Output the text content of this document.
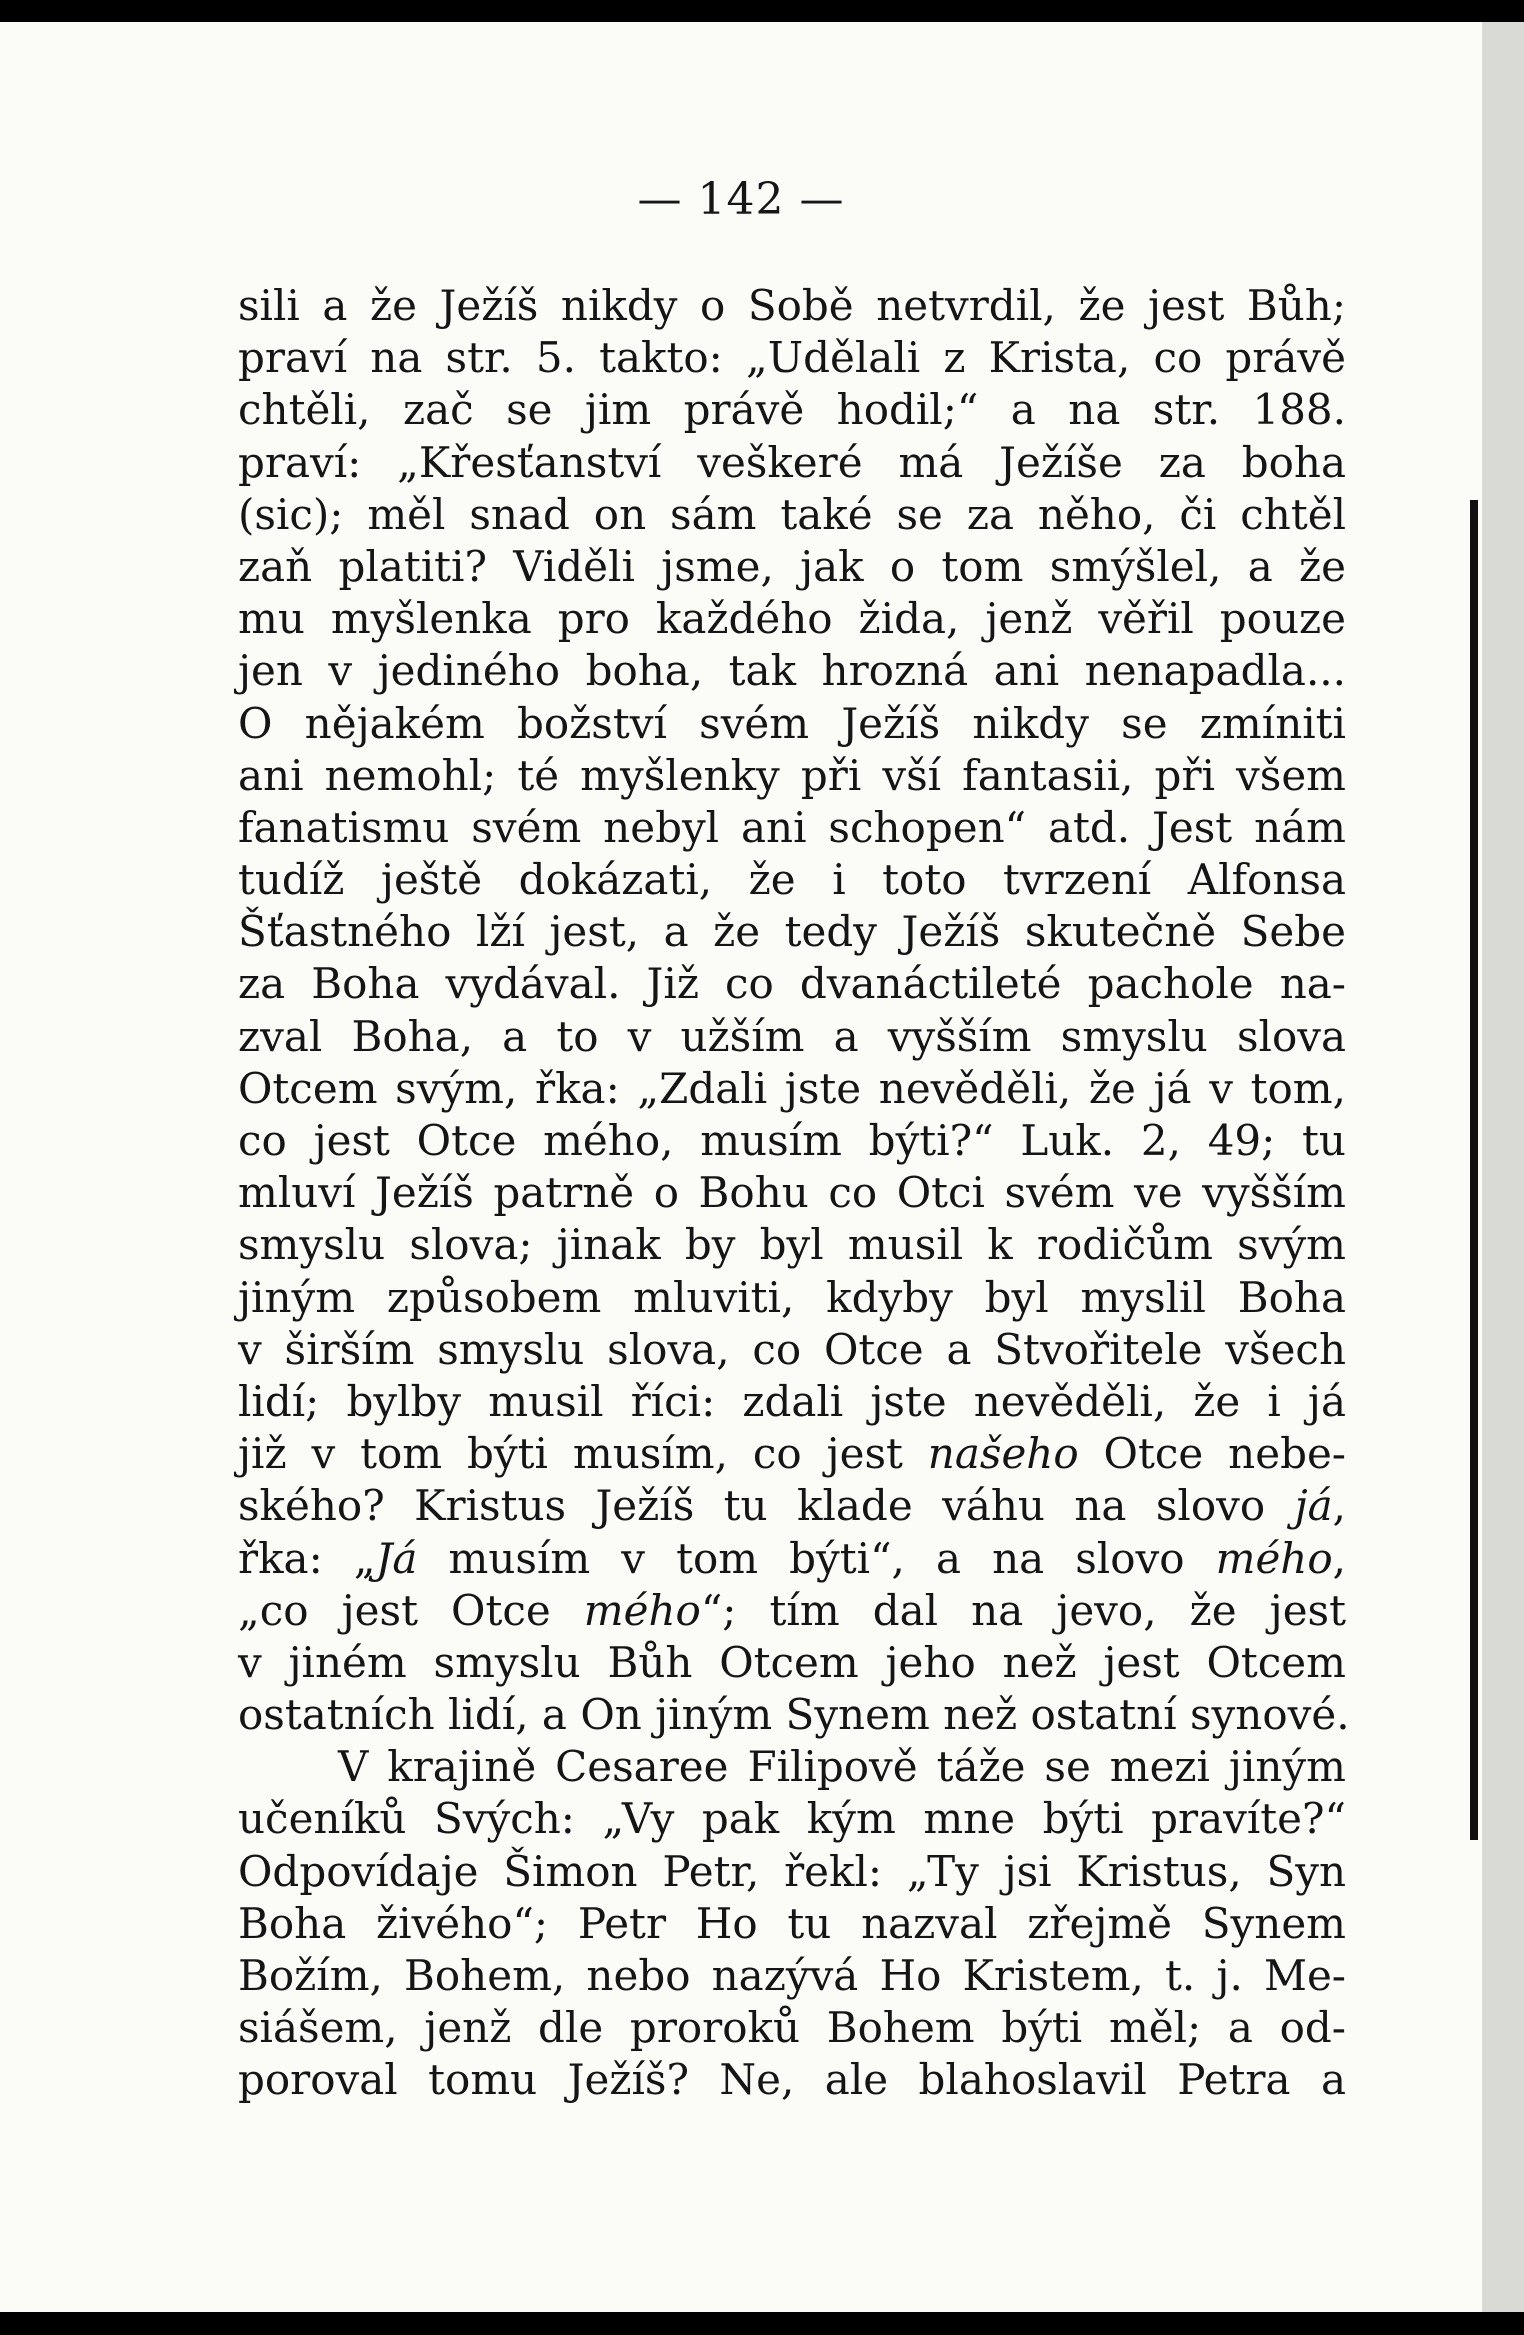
— 142 —
sili a že Ježíš nikdy o Sobě netvrdil, že jest Bůh;
praví na str. 5. takto: „Udělali z Krista, co právě
chtěli, zač se jim právě hodil;“ a na str. 188.
praví: „Křesťanství veškeré má Ježíše za boha
(sic); měl snad on sám také se za něho, či chtěl
zaň platiti? Viděli jsme, jak o tom smýšlel, a že
mu myšlenka pro každého žida, jenž věřil pouze
jen v jediného boha, tak hrozná ani nenapadla...
O nějakém božství svém Ježíš nikdy se zmíniti
ani nemohl; té myšlenky při vší fantasii, při všem
fanatismu svém nebyl ani schopen“ atd. Jest nám
tudíž ještě dokázati, že i toto tvrzení Alfonsa
Šťastného lží jest, a že tedy Ježíš skutečně Sebe
za Boha vydával. Již co dvanáctileté pachole na-
zval Boha, a to v užším a vyšším smyslu slova
Otcem svým, řka: „Zdali jste nevěděli, že já v tom,
co jest Otce mého, musím býti?“ Luk. 2, 49; tu
mluví Ježíš patrně o Bohu co Otci svém ve vyšším
smyslu slova; jinak by byl musil k rodičům svým
jiným způsobem mluviti, kdyby byl myslil Boha
v širším smyslu slova, co Otce a Stvořitele všech
lidí; bylby musil říci: zdali jste nevěděli, že i já
již v tom býti musím, co jest našeho Otce nebe-
ského? Kristus Ježíš tu klade váhu na slovo já,
řka: „Já musím v tom býti“, a na slovo mého,
„co jest Otce mého“; tím dal na jevo, že jest
v jiném smyslu Bůh Otcem jeho než jest Otcem
ostatních lidí, a On jiným Synem než ostatní synové.
V krajině Cesaree Filipově táže se mezi jiným
učeníků Svých: „Vy pak kým mne býti pravíte?“
Odpovídaje Šimon Petr, řekl: „Ty jsi Kristus, Syn
Boha živého“; Petr Ho tu nazval zřejmě Synem
Božím, Bohem, nebo nazývá Ho Kristem, t. j. Me-
siášem, jenž dle proroků Bohem býti měl; a od-
poroval tomu Ježíš? Ne, ale blahoslavil Petra a
